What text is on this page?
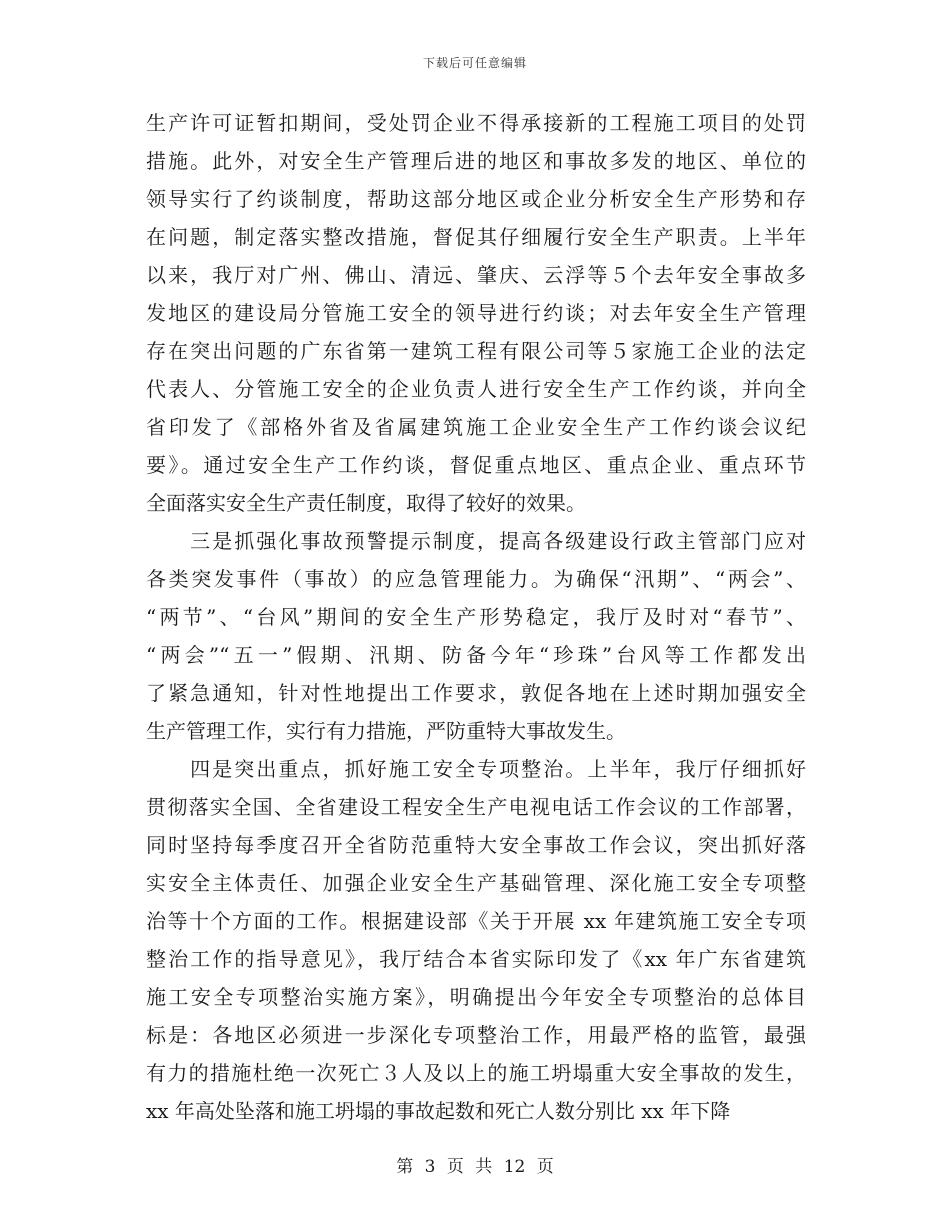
下载后可任意编辑
生产许可证暂扣期间，受处罚企业不得承接新的工程施工项目的处罚
措施。此外，对安全生产管理后进的地区和事故多发的地区、单位的
领导实行了约谈制度，帮助这部分地区或企业分析安全生产形势和存
在问题，制定落实整改措施，督促其仔细履行安全生产职责。上半年
以来，我厅对广州、佛山、清远、肇庆、云浮等５个去年安全事故多
发地区的建设局分管施工安全的领导进行约谈；对去年安全生产管理
存在突出问题的广东省第一建筑工程有限公司等５家施工企业的法定
代表人、分管施工安全的企业负责人进行安全生产工作约谈，并向全
省印发了《部格外省及省属建筑施工企业安全生产工作约谈会议纪
要》。通过安全生产工作约谈，督促重点地区、重点企业、重点环节
全面落实安全生产责任制度，取得了较好的效果。
　　三是抓强化事故预警提示制度，提高各级建设行政主管部门应对
各类突发事件（事故）的应急管理能力。为确保“汛期”、“两会”、
“两节”、“台风”期间的安全生产形势稳定，我厅及时对“春节”、
“两会”“五一”假期、汛期、防备今年“珍珠”台风等工作都发出
了紧急通知，针对性地提出工作要求，敦促各地在上述时期加强安全
生产管理工作，实行有力措施，严防重特大事故发生。
　　四是突出重点，抓好施工安全专项整治。上半年，我厅仔细抓好
贯彻落实全国、全省建设工程安全生产电视电话工作会议的工作部署，
同时坚持每季度召开全省防范重特大安全事故工作会议，突出抓好落
实安全主体责任、加强企业安全生产基础管理、深化施工安全专项整
治等十个方面的工作。根据建设部《关于开展 xx 年建筑施工安全专项
整治工作的指导意见》，我厅结合本省实际印发了《xx 年广东省建筑
施工安全专项整治实施方案》，明确提出今年安全专项整治的总体目
标是：各地区必须进一步深化专项整治工作，用最严格的监管，最强
有力的措施杜绝一次死亡３人及以上的施工坍塌重大安全事故的发生，
xx 年高处坠落和施工坍塌的事故起数和死亡人数分别比 xx 年下降
第 3 页 共 12 页
